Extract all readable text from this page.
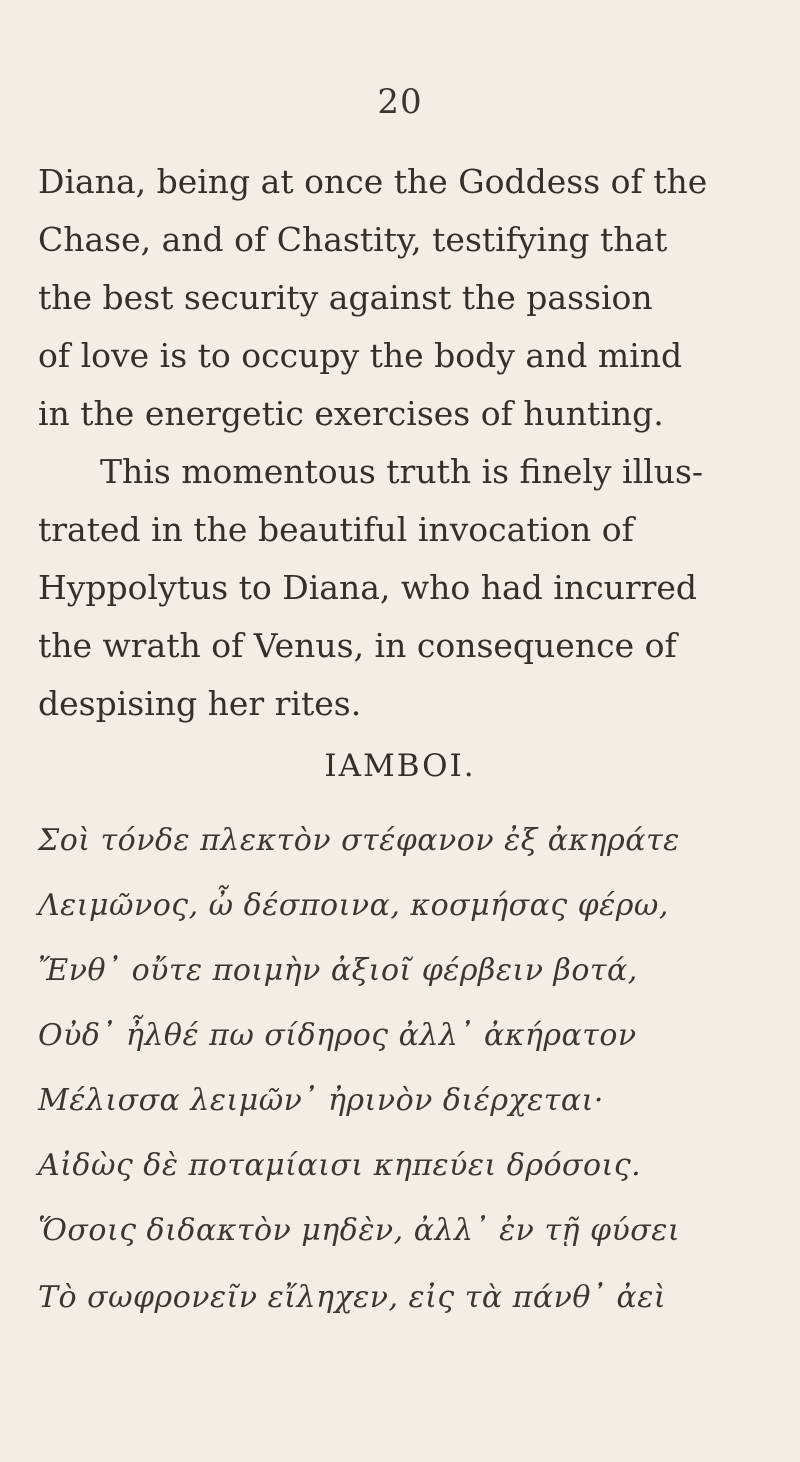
20
Diana, being at once the Goddess of the
Chase, and of Chastity, testifying that
the best security against the passion
of love is to occupy the body and mind
in the energetic exercises of hunting.
This momentous truth is finely illus-
trated in the beautiful invocation of
Hyppolytus to Diana, who had incurred
the wrath of Venus, in consequence of
despising her rites.
IAMBOI.
Σοὶ τόνδε πλεκτὸν στέφανον ἐξ ἀκηράτε
Λειμῶνος, ὦ δέσποινα, κοσμήσας φέρω,
Ἔνθ᾽ οὔτε ποιμὴν ἀξιοῖ φέρβειν βοτά,
Οὐδ᾽ ἦλθέ πω σίδηρος ἀλλ᾽ ἀκήρατον
Μέλισσα λειμῶν᾽ ἠρινὸν διέρχεται·
Αἰδὼς δὲ ποταμίαισι κηπεύει δρόσοις.
Ὅσοις διδακτὸν μηδὲν, ἀλλ᾽ ἐν τῇ φύσει
Τὸ σωφρονεῖν εἴληχεν, εἰς τὰ πάνθ᾽ ἀεὶ
